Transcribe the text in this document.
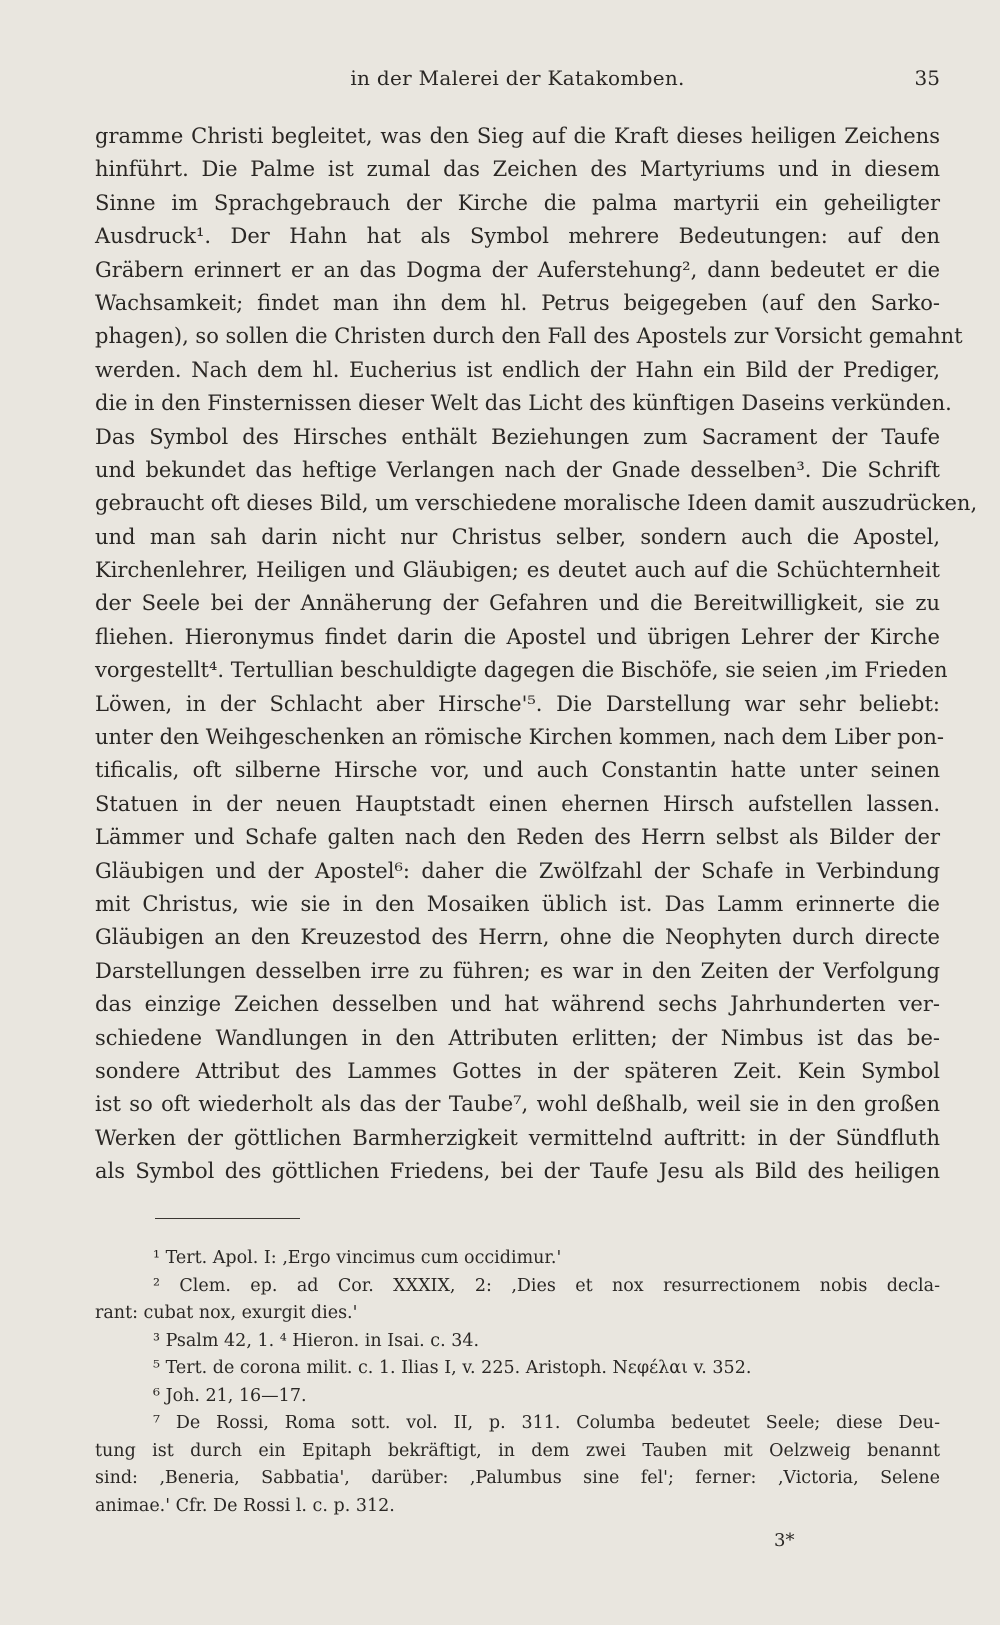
in der Malerei der Katakomben.	35
gramme Christi begleitet, was den Sieg auf die Kraft dieses heiligen Zeichens
hinführt. Die Palme ist zumal das Zeichen des Martyriums und in diesem
Sinne im Sprachgebrauch der Kirche die palma martyrii ein geheiligter
Ausdruck¹. Der Hahn hat als Symbol mehrere Bedeutungen: auf den
Gräbern erinnert er an das Dogma der Auferstehung², dann bedeutet er die
Wachsamkeit; findet man ihn dem hl. Petrus beigegeben (auf den Sarko-
phagen), so sollen die Christen durch den Fall des Apostels zur Vorsicht gemahnt
werden. Nach dem hl. Eucherius ist endlich der Hahn ein Bild der Prediger,
die in den Finsternissen dieser Welt das Licht des künftigen Daseins verkünden.
Das Symbol des Hirsches enthält Beziehungen zum Sacrament der Taufe
und bekundet das heftige Verlangen nach der Gnade desselben³. Die Schrift
gebraucht oft dieses Bild, um verschiedene moralische Ideen damit auszudrücken,
und man sah darin nicht nur Christus selber, sondern auch die Apostel,
Kirchenlehrer, Heiligen und Gläubigen; es deutet auch auf die Schüchternheit
der Seele bei der Annäherung der Gefahren und die Bereitwilligkeit, sie zu
fliehen. Hieronymus findet darin die Apostel und übrigen Lehrer der Kirche
vorgestellt⁴. Tertullian beschuldigte dagegen die Bischöfe, sie seien ‚im Frieden
Löwen, in der Schlacht aber Hirsche'⁵. Die Darstellung war sehr beliebt:
unter den Weihgeschenken an römische Kirchen kommen, nach dem Liber pon-
tificalis, oft silberne Hirsche vor, und auch Constantin hatte unter seinen
Statuen in der neuen Hauptstadt einen ehernen Hirsch aufstellen lassen.
Lämmer und Schafe galten nach den Reden des Herrn selbst als Bilder der
Gläubigen und der Apostel⁶: daher die Zwölfzahl der Schafe in Verbindung
mit Christus, wie sie in den Mosaiken üblich ist. Das Lamm erinnerte die
Gläubigen an den Kreuzestod des Herrn, ohne die Neophyten durch directe
Darstellungen desselben irre zu führen; es war in den Zeiten der Verfolgung
das einzige Zeichen desselben und hat während sechs Jahrhunderten ver-
schiedene Wandlungen in den Attributen erlitten; der Nimbus ist das be-
sondere Attribut des Lammes Gottes in der späteren Zeit. Kein Symbol
ist so oft wiederholt als das der Taube⁷, wohl deßhalb, weil sie in den großen
Werken der göttlichen Barmherzigkeit vermittelnd auftritt: in der Sündfluth
als Symbol des göttlichen Friedens, bei der Taufe Jesu als Bild des heiligen
¹ Tert. Apol. I: ‚Ergo vincimus cum occidimur.'
² Clem. ep. ad Cor. XXXIX, 2: ‚Dies et nox resurrectionem nobis decla-
rant: cubat nox, exurgit dies.'
³ Psalm 42, 1. ⁴ Hieron. in Isai. c. 34.
⁵ Tert. de corona milit. c. 1. Ilias I, v. 225. Aristoph. Νεφέλαι v. 352.
⁶ Joh. 21, 16—17.
⁷ De Rossi, Roma sott. vol. II, p. 311. Columba bedeutet Seele; diese Deu-
tung ist durch ein Epitaph bekräftigt, in dem zwei Tauben mit Oelzweig benannt
sind: ‚Beneria, Sabbatia', darüber: ‚Palumbus sine fel'; ferner: ‚Victoria, Selene
animae.' Cfr. De Rossi l. c. p. 312.
3*
